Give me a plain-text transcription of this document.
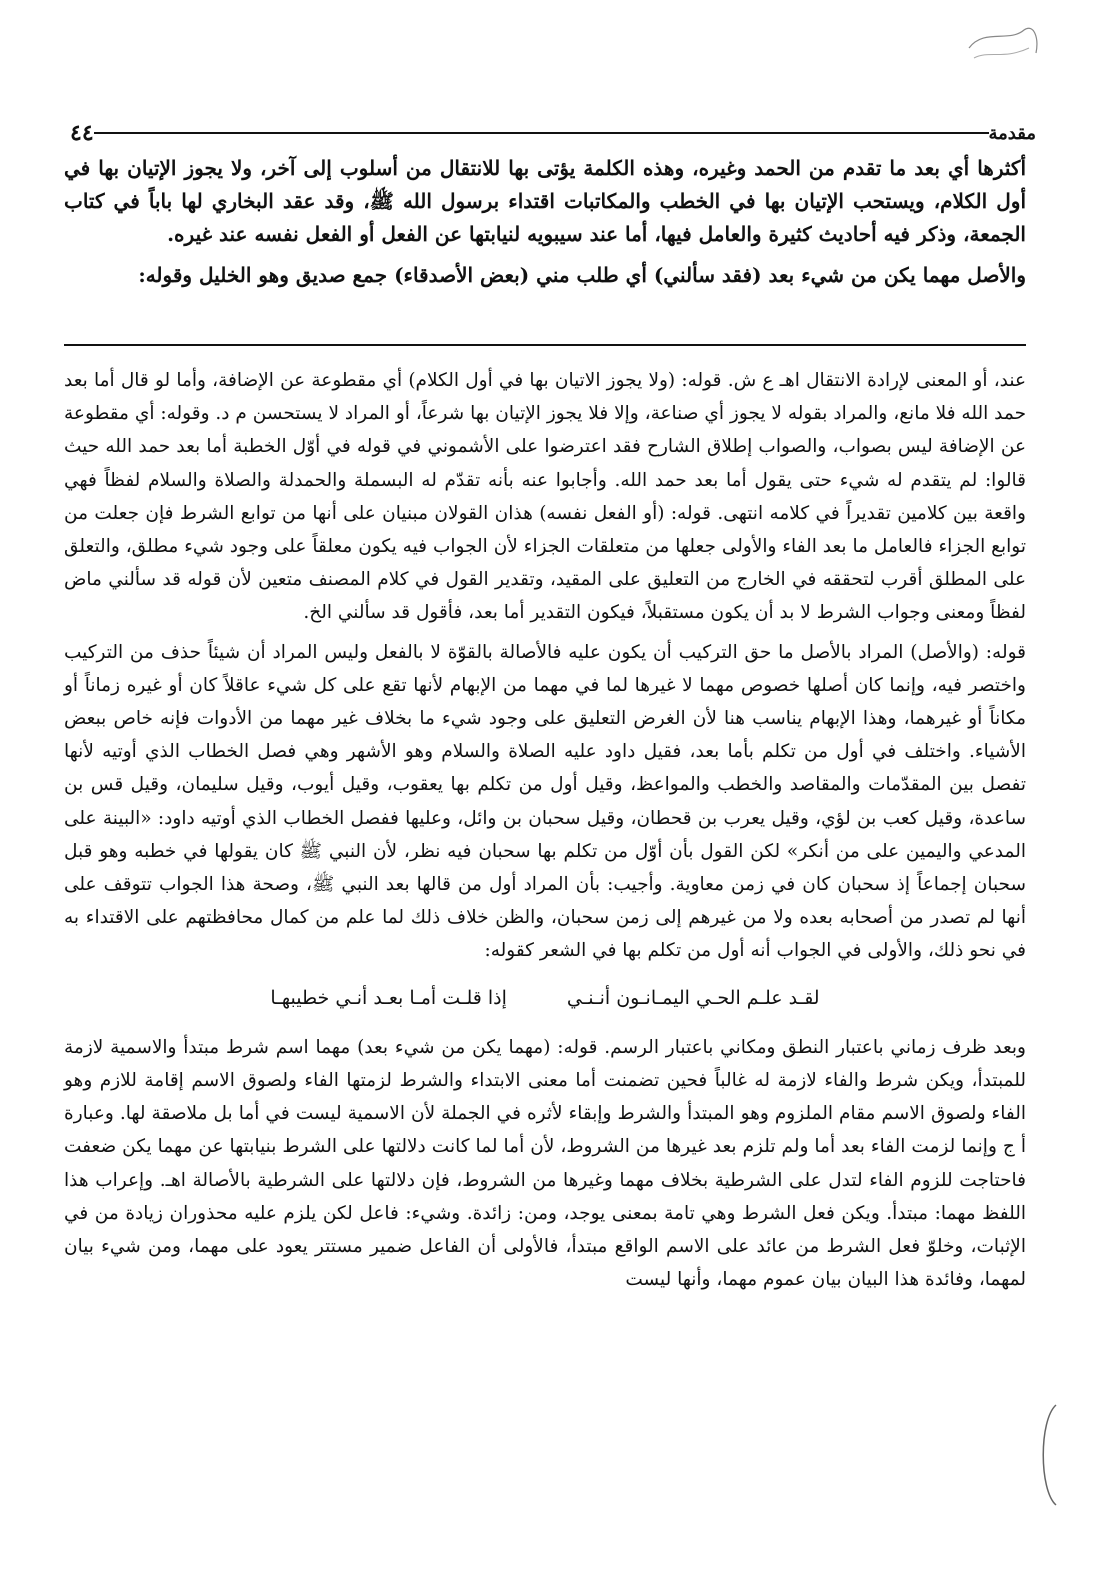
مقدمة
٤٤

أكثرها أي بعد ما تقدم من الحمد وغيره، وهذه الكلمة يؤتى بها للانتقال من أسلوب إلى آخر، ولا يجوز الإتيان بها في أول الكلام، ويستحب الإتيان بها في الخطب والمكاتبات اقتداء برسول الله ﷺ، وقد عقد البخاري لها باباً في كتاب الجمعة، وذكر فيه أحاديث كثيرة والعامل فيها، أما عند سيبويه لنيابتها عن الفعل أو الفعل نفسه عند غيره.

والأصل مهما يكن من شيء بعد (فقد سألني) أي طلب مني (بعض الأصدقاء) جمع صديق وهو الخليل وقوله:

عند، أو المعنى لإرادة الانتقال اهـ ع ش. قوله: (ولا يجوز الاتيان بها في أول الكلام) أي مقطوعة عن الإضافة، وأما لو قال أما بعد حمد الله فلا مانع، والمراد بقوله لا يجوز أي صناعة، وإلا فلا يجوز الإتيان بها شرعاً، أو المراد لا يستحسن م د. وقوله: أي مقطوعة عن الإضافة ليس بصواب، والصواب إطلاق الشارح فقد اعترضوا على الأشموني في قوله في أوّل الخطبة أما بعد حمد الله حيث قالوا: لم يتقدم له شيء حتى يقول أما بعد حمد الله. وأجابوا عنه بأنه تقدّم له البسملة والحمدلة والصلاة والسلام لفظاً فهي واقعة بين كلامين تقديراً في كلامه انتهى. قوله: (أو الفعل نفسه) هذان القولان مبنيان على أنها من توابع الشرط فإن جعلت من توابع الجزاء فالعامل ما بعد الفاء والأولى جعلها من متعلقات الجزاء لأن الجواب فيه يكون معلقاً على وجود شيء مطلق، والتعلق على المطلق أقرب لتحققه في الخارج من التعليق على المقيد، وتقدير القول في كلام المصنف متعين لأن قوله قد سألني ماض لفظاً ومعنى وجواب الشرط لا بد أن يكون مستقبلاً، فيكون التقدير أما بعد، فأقول قد سألني الخ.

قوله: (والأصل) المراد بالأصل ما حق التركيب أن يكون عليه فالأصالة بالقوّة لا بالفعل وليس المراد أن شيئاً حذف من التركيب واختصر فيه، وإنما كان أصلها خصوص مهما لا غيرها لما في مهما من الإبهام لأنها تقع على كل شيء عاقلاً كان أو غيره زماناً أو مكاناً أو غيرهما، وهذا الإبهام يناسب هنا لأن الغرض التعليق على وجود شيء ما بخلاف غير مهما من الأدوات فإنه خاص ببعض الأشياء. واختلف في أول من تكلم بأما بعد، فقيل داود عليه الصلاة والسلام وهو الأشهر وهي فصل الخطاب الذي أوتيه لأنها تفصل بين المقدّمات والمقاصد والخطب والمواعظ، وقيل أول من تكلم بها يعقوب، وقيل أيوب، وقيل سليمان، وقيل قس بن ساعدة، وقيل كعب بن لؤي، وقيل يعرب بن قحطان، وقيل سحبان بن وائل، وعليها ففصل الخطاب الذي أوتيه داود: «البينة على المدعي واليمين على من أنكر» لكن القول بأن أوّل من تكلم بها سحبان فيه نظر، لأن النبي ﷺ كان يقولها في خطبه وهو قبل سحبان إجماعاً إذ سحبان كان في زمن معاوية. وأجيب: بأن المراد أول من قالها بعد النبي ﷺ، وصحة هذا الجواب تتوقف على أنها لم تصدر من أصحابه بعده ولا من غيرهم إلى زمن سحبان، والظن خلاف ذلك لما علم من كمال محافظتهم على الاقتداء به في نحو ذلك، والأولى في الجواب أنه أول من تكلم بها في الشعر كقوله:

لقـد علـم الحـي اليمـانـون أنـنـي
إذا قلـت أمـا بعـد أنـي خطيبهـا

وبعد ظرف زماني باعتبار النطق ومكاني باعتبار الرسم. قوله: (مهما يكن من شيء بعد) مهما اسم شرط مبتدأ والاسمية لازمة للمبتدأ، ويكن شرط والفاء لازمة له غالباً فحين تضمنت أما معنى الابتداء والشرط لزمتها الفاء ولصوق الاسم إقامة للازم وهو الفاء ولصوق الاسم مقام الملزوم وهو المبتدأ والشرط وإبقاء لأثره في الجملة لأن الاسمية ليست في أما بل ملاصقة لها. وعبارة أ ج وإنما لزمت الفاء بعد أما ولم تلزم بعد غيرها من الشروط، لأن أما لما كانت دلالتها على الشرط بنيابتها عن مهما يكن ضعفت فاحتاجت للزوم الفاء لتدل على الشرطية بخلاف مهما وغيرها من الشروط، فإن دلالتها على الشرطية بالأصالة اهـ. وإعراب هذا اللفظ مهما: مبتدأ. ويكن فعل الشرط وهي تامة بمعنى يوجد، ومن: زائدة. وشيء: فاعل لكن يلزم عليه محذوران زيادة من في الإثبات، وخلوّ فعل الشرط من عائد على الاسم الواقع مبتدأ، فالأولى أن الفاعل ضمير مستتر يعود على مهما، ومن شيء بيان لمهما، وفائدة هذا البيان بيان عموم مهما، وأنها ليست
